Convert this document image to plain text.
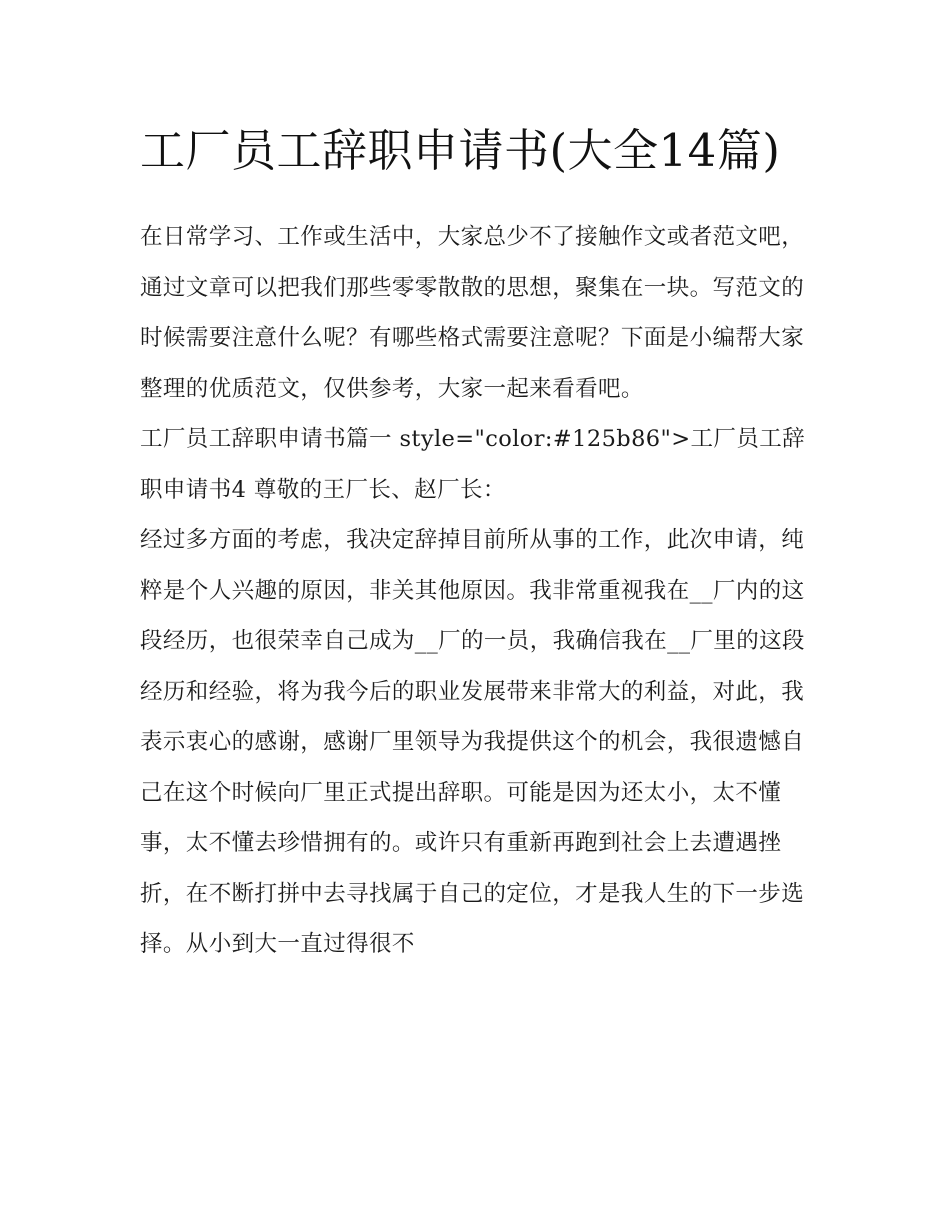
工厂员工辞职申请书(大全14篇)

在日常学习、工作或生活中，大家总少不了接触作文或者范文吧，通过文章可以把我们那些零零散散的思想，聚集在一块。写范文的时候需要注意什么呢？有哪些格式需要注意呢？下面是小编帮大家整理的优质范文，仅供参考，大家一起来看看吧。

工厂员工辞职申请书篇一 style="color:#125b86">工厂员工辞职申请书4 尊敬的王厂长、赵厂长：

经过多方面的考虑，我决定辞掉目前所从事的工作，此次申请，纯粹是个人兴趣的原因，非关其他原因。我非常重视我在__厂内的这段经历，也很荣幸自己成为__厂的一员，我确信我在__厂里的这段经历和经验，将为我今后的职业发展带来非常大的利益，对此，我表示衷心的感谢，感谢厂里领导为我提供这个的机会，我很遗憾自己在这个时候向厂里正式提出辞职。可能是因为还太小，太不懂事，太不懂去珍惜拥有的。或许只有重新再跑到社会上去遭遇挫折，在不断打拼中去寻找属于自己的定位，才是我人生的下一步选择。从小到大一直过得很不
